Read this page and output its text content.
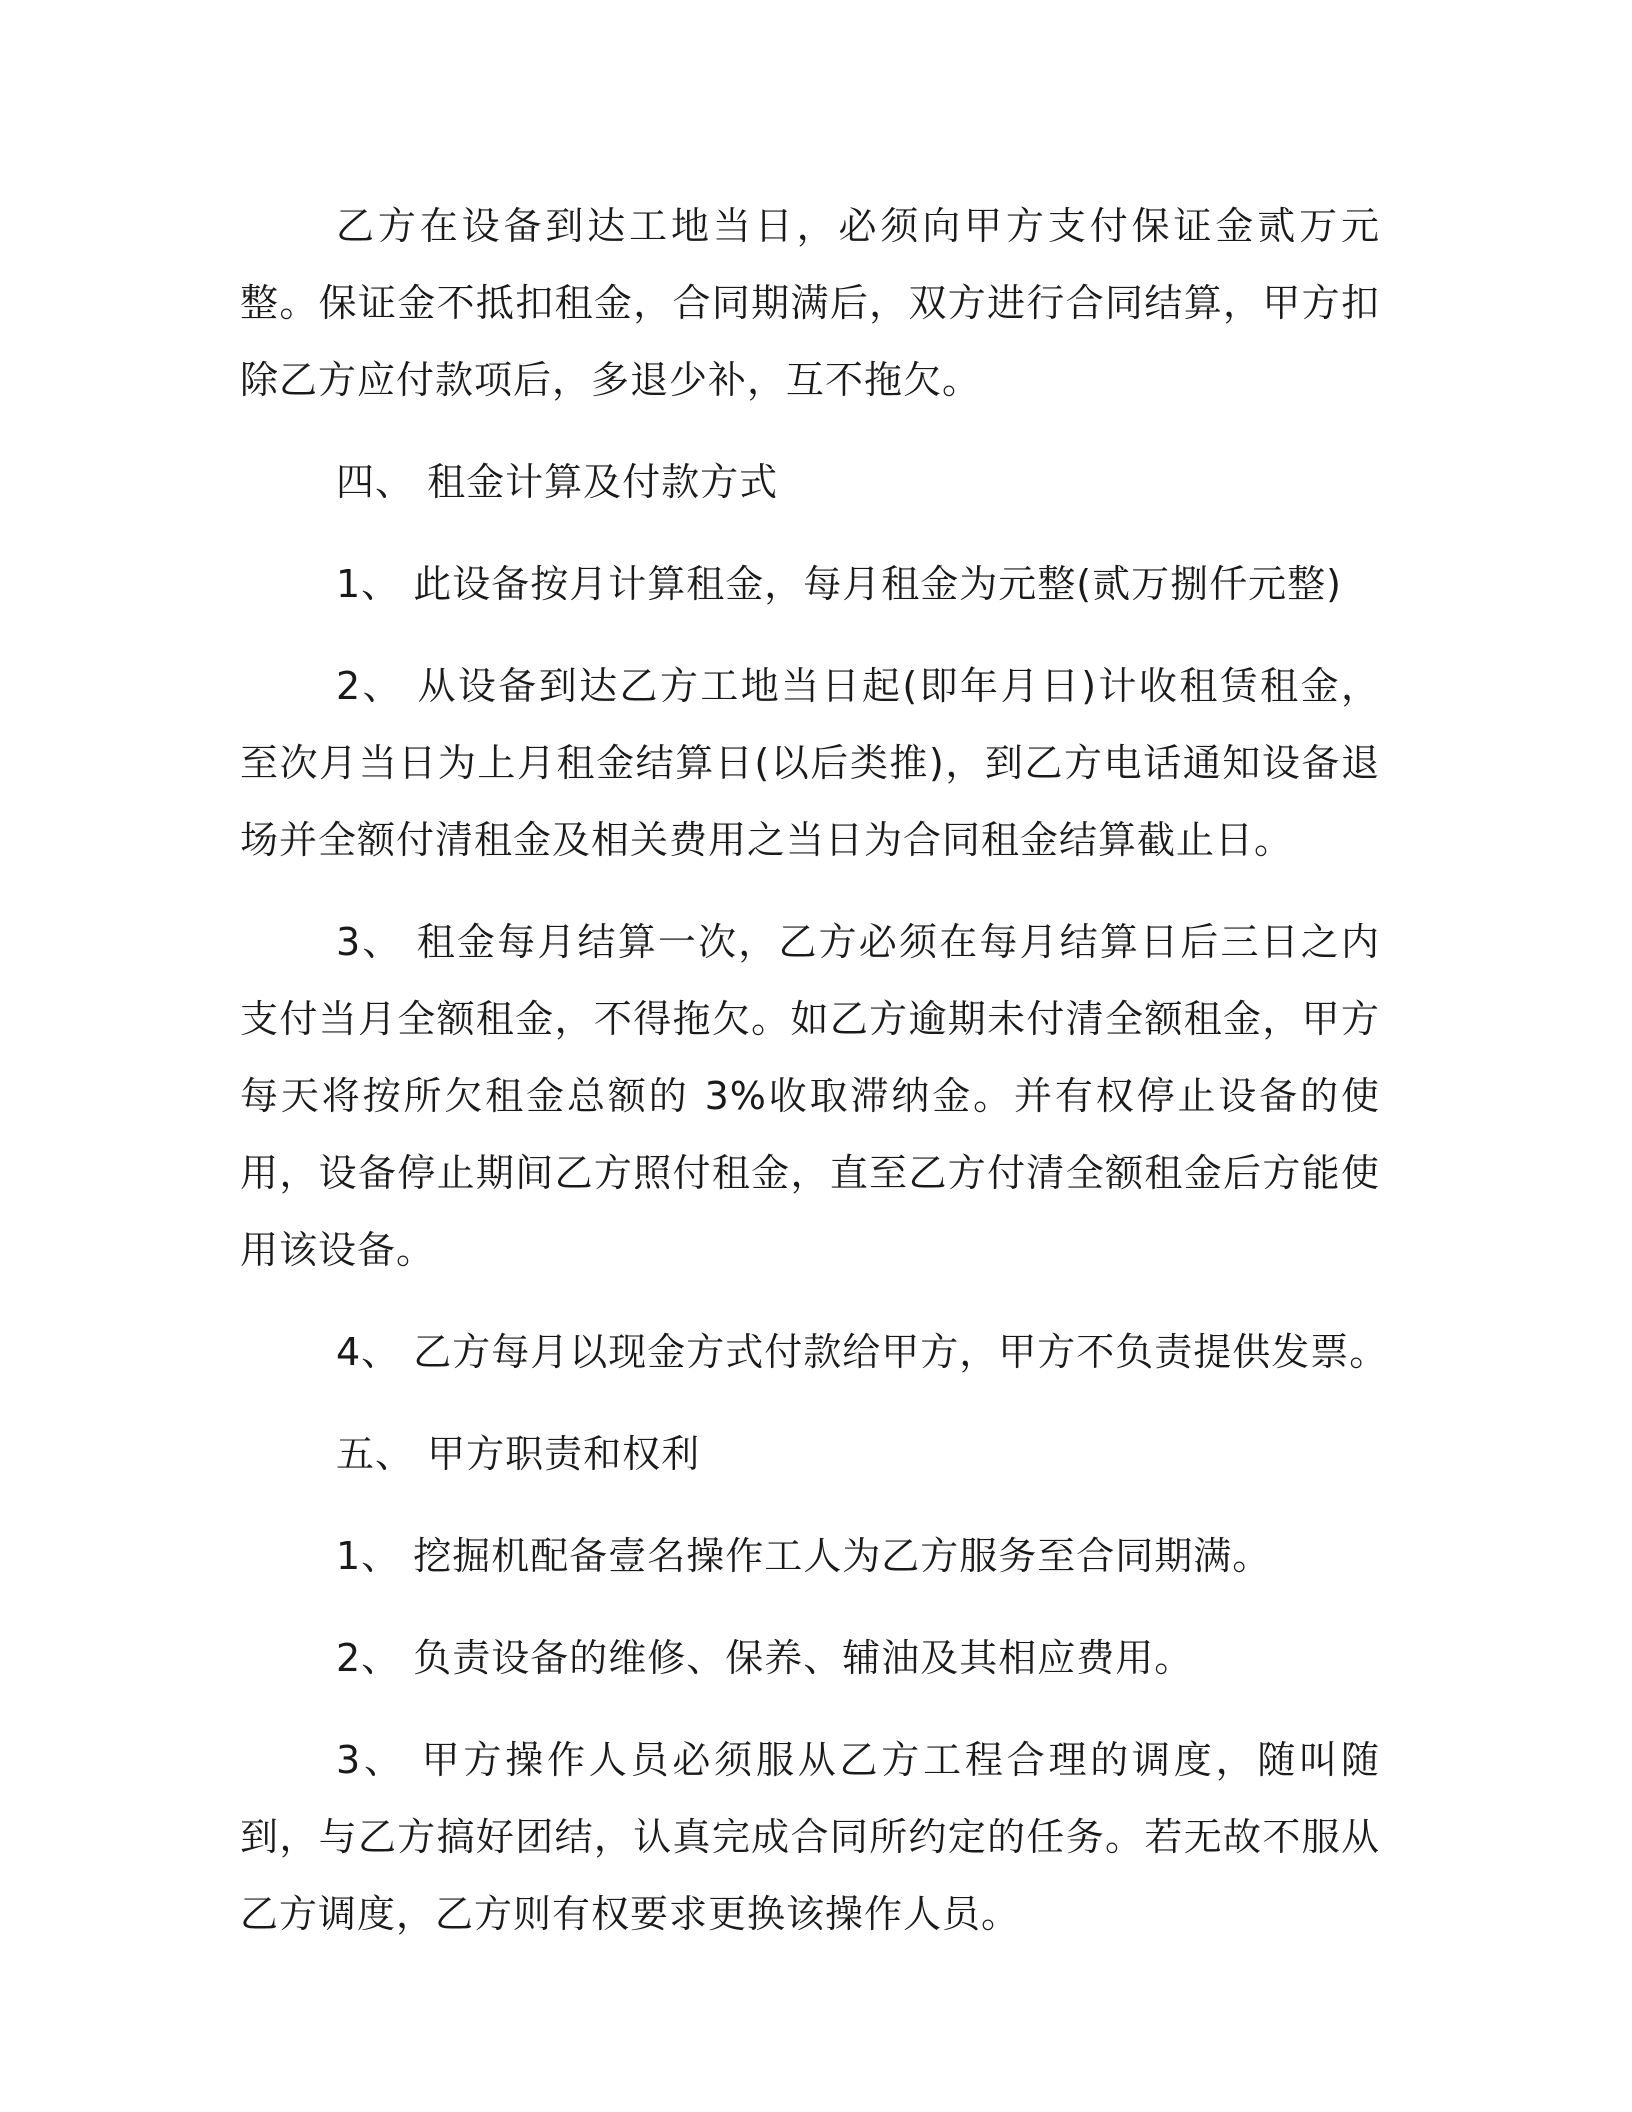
乙方在设备到达工地当日，必须向甲方支付保证金贰万元整。保证金不抵扣租金，合同期满后，双方进行合同结算，甲方扣除乙方应付款项后，多退少补，互不拖欠。

四、 租金计算及付款方式

1、 此设备按月计算租金，每月租金为元整(贰万捌仟元整)

2、 从设备到达乙方工地当日起(即年月日)计收租赁租金，至次月当日为上月租金结算日(以后类推)，到乙方电话通知设备退场并全额付清租金及相关费用之当日为合同租金结算截止日。

3、 租金每月结算一次，乙方必须在每月结算日后三日之内支付当月全额租金，不得拖欠。如乙方逾期未付清全额租金，甲方每天将按所欠租金总额的 3%收取滞纳金。并有权停止设备的使用，设备停止期间乙方照付租金，直至乙方付清全额租金后方能使用该设备。

4、 乙方每月以现金方式付款给甲方，甲方不负责提供发票。

五、 甲方职责和权利

1、 挖掘机配备壹名操作工人为乙方服务至合同期满。

2、 负责设备的维修、保养、辅油及其相应费用。

3、 甲方操作人员必须服从乙方工程合理的调度，随叫随到，与乙方搞好团结，认真完成合同所约定的任务。若无故不服从乙方调度，乙方则有权要求更换该操作人员。
